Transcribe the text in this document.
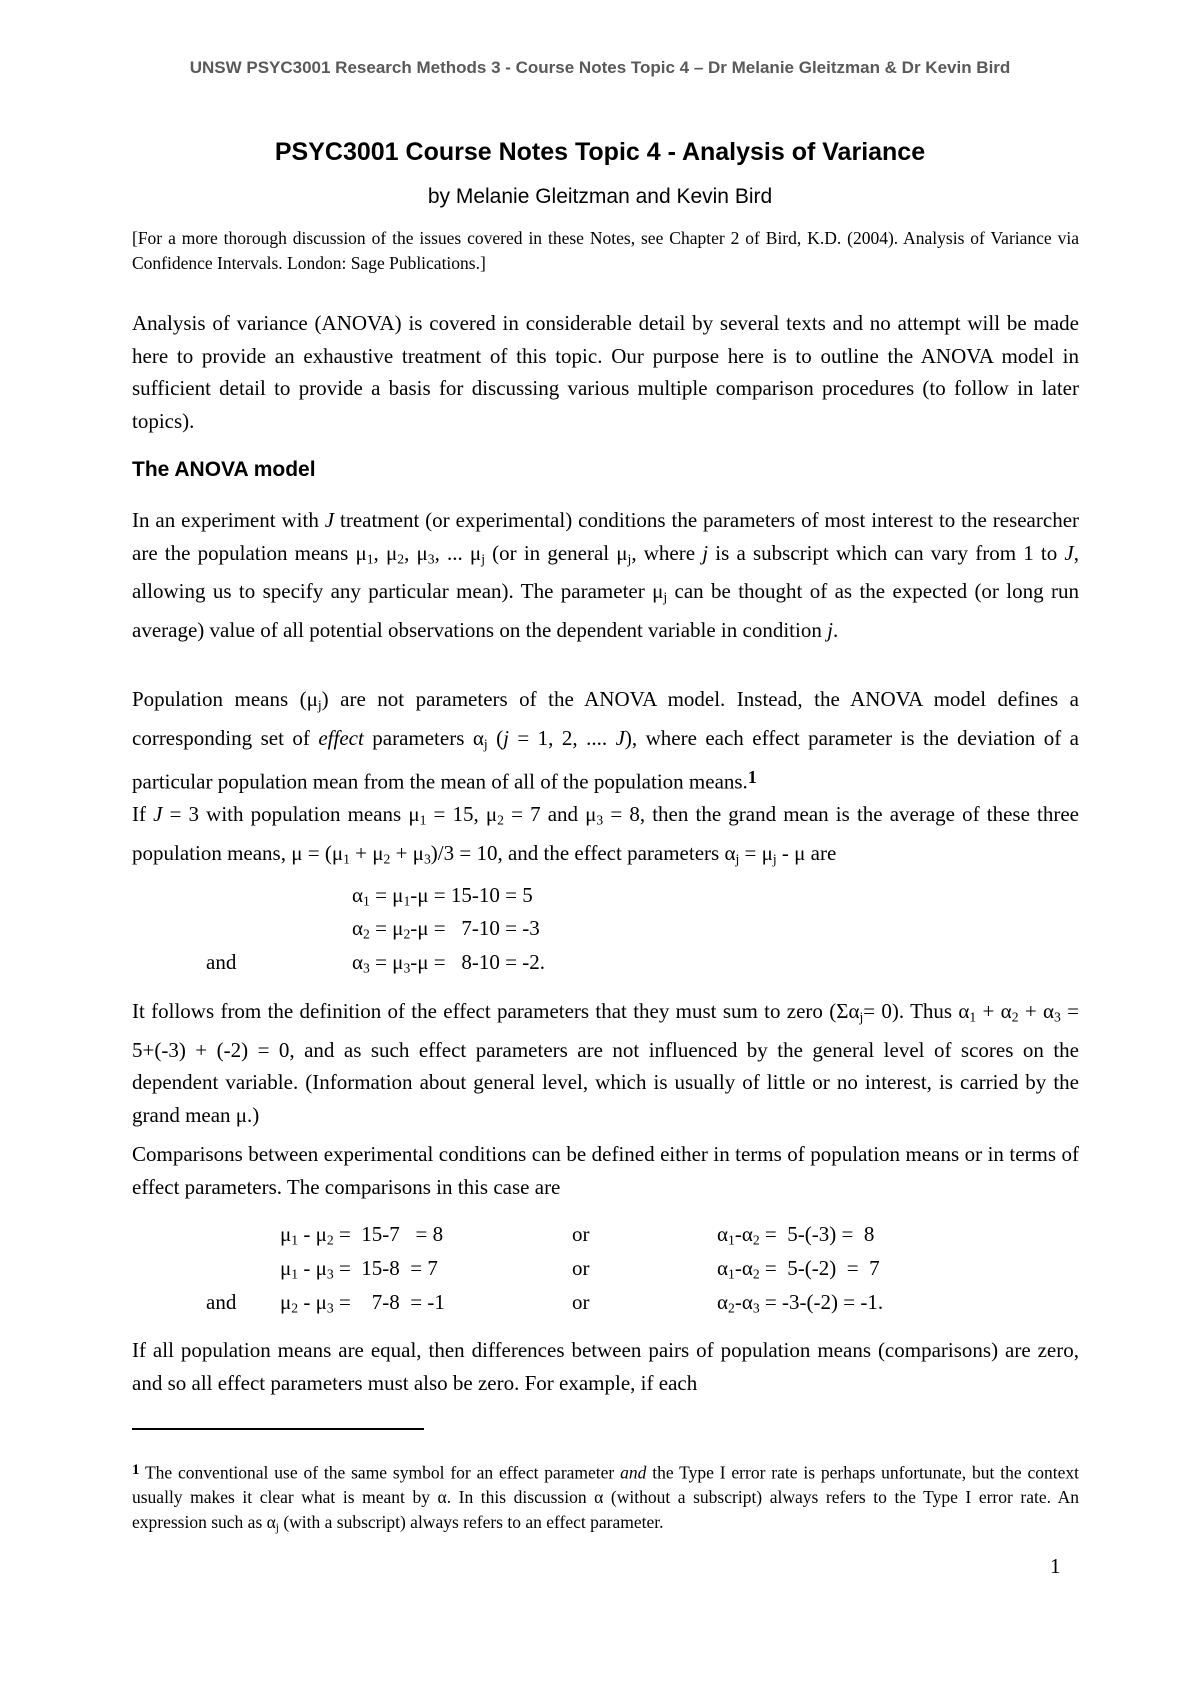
UNSW PSYC3001 Research Methods 3 - Course Notes Topic 4 – Dr Melanie Gleitzman & Dr Kevin Bird
PSYC3001 Course Notes Topic 4 - Analysis of Variance
by Melanie Gleitzman and Kevin Bird
[For a more thorough discussion of the issues covered in these Notes, see Chapter 2 of Bird, K.D. (2004). Analysis of Variance via Confidence Intervals. London: Sage Publications.]
Analysis of variance (ANOVA) is covered in considerable detail by several texts and no attempt will be made here to provide an exhaustive treatment of this topic. Our purpose here is to outline the ANOVA model in sufficient detail to provide a basis for discussing various multiple comparison procedures (to follow in later topics).
The ANOVA model
In an experiment with J treatment (or experimental) conditions the parameters of most interest to the researcher are the population means $\mu_1$, $\mu_2$, $\mu_3$, ... $\mu_j$ (or in general $\mu_j$, where j is a subscript which can vary from 1 to J, allowing us to specify any particular mean). The parameter $\mu_j$ can be thought of as the expected (or long run average) value of all potential observations on the dependent variable in condition j.
Population means $(\mu_j)$ are not parameters of the ANOVA model. Instead, the ANOVA model defines a corresponding set of effect parameters $\alpha_j$ (j = 1, 2, .... J), where each effect parameter is the deviation of a particular population mean from the mean of all of the population means.1
If J = 3 with population means $\mu_1 = 15$, $\mu_2 = 7$ and $\mu_3 = 8$, then the grand mean is the average of these three population means, $\mu = (\mu_1 + \mu_2 + \mu_3)/3 = 10$, and the effect parameters $\alpha_j = \mu_j - \mu$ are
$\alpha_1 = \mu_1-\mu = 15-10 = 5$
$\alpha_2 = \mu_2-\mu = 7-10 = -3$
and	$\alpha_3 = \mu_3-\mu = 8-10 = -2$.
It follows from the definition of the effect parameters that they must sum to zero $(\Sigma\alpha_j= 0)$. Thus $\alpha_1 + \alpha_2 + \alpha_3 = 5+(-3) + (-2) = 0$, and as such effect parameters are not influenced by the general level of scores on the dependent variable. (Information about general level, which is usually of little or no interest, is carried by the grand mean μ.)
Comparisons between experimental conditions can be defined either in terms of population means or in terms of effect parameters. The comparisons in this case are
$\mu_1 - \mu_2 = 15-7 = 8$	or	$\alpha_1-\alpha_2 = 5-(-3) = 8$
$\mu_1 - \mu_3 = 15-8 = 7$	or	$\alpha_1-\alpha_2 = 5-(-2) = 7$
and $\mu_2 - \mu_3$ =    7-8  = -1	or	$\alpha_2-\alpha_3 = -3-(-2) = -1$.
If all population means are equal, then differences between pairs of population means (comparisons) are zero, and so all effect parameters must also be zero. For example, if each
$^1$ The conventional use of the same symbol for an effect parameter and the Type I error rate is perhaps unfortunate, but the context usually makes it clear what is meant by α. In this discussion α (without a subscript) always refers to the Type I error rate. An expression such as $\alpha_j$ (with a subscript) always refers to an effect parameter.
1
